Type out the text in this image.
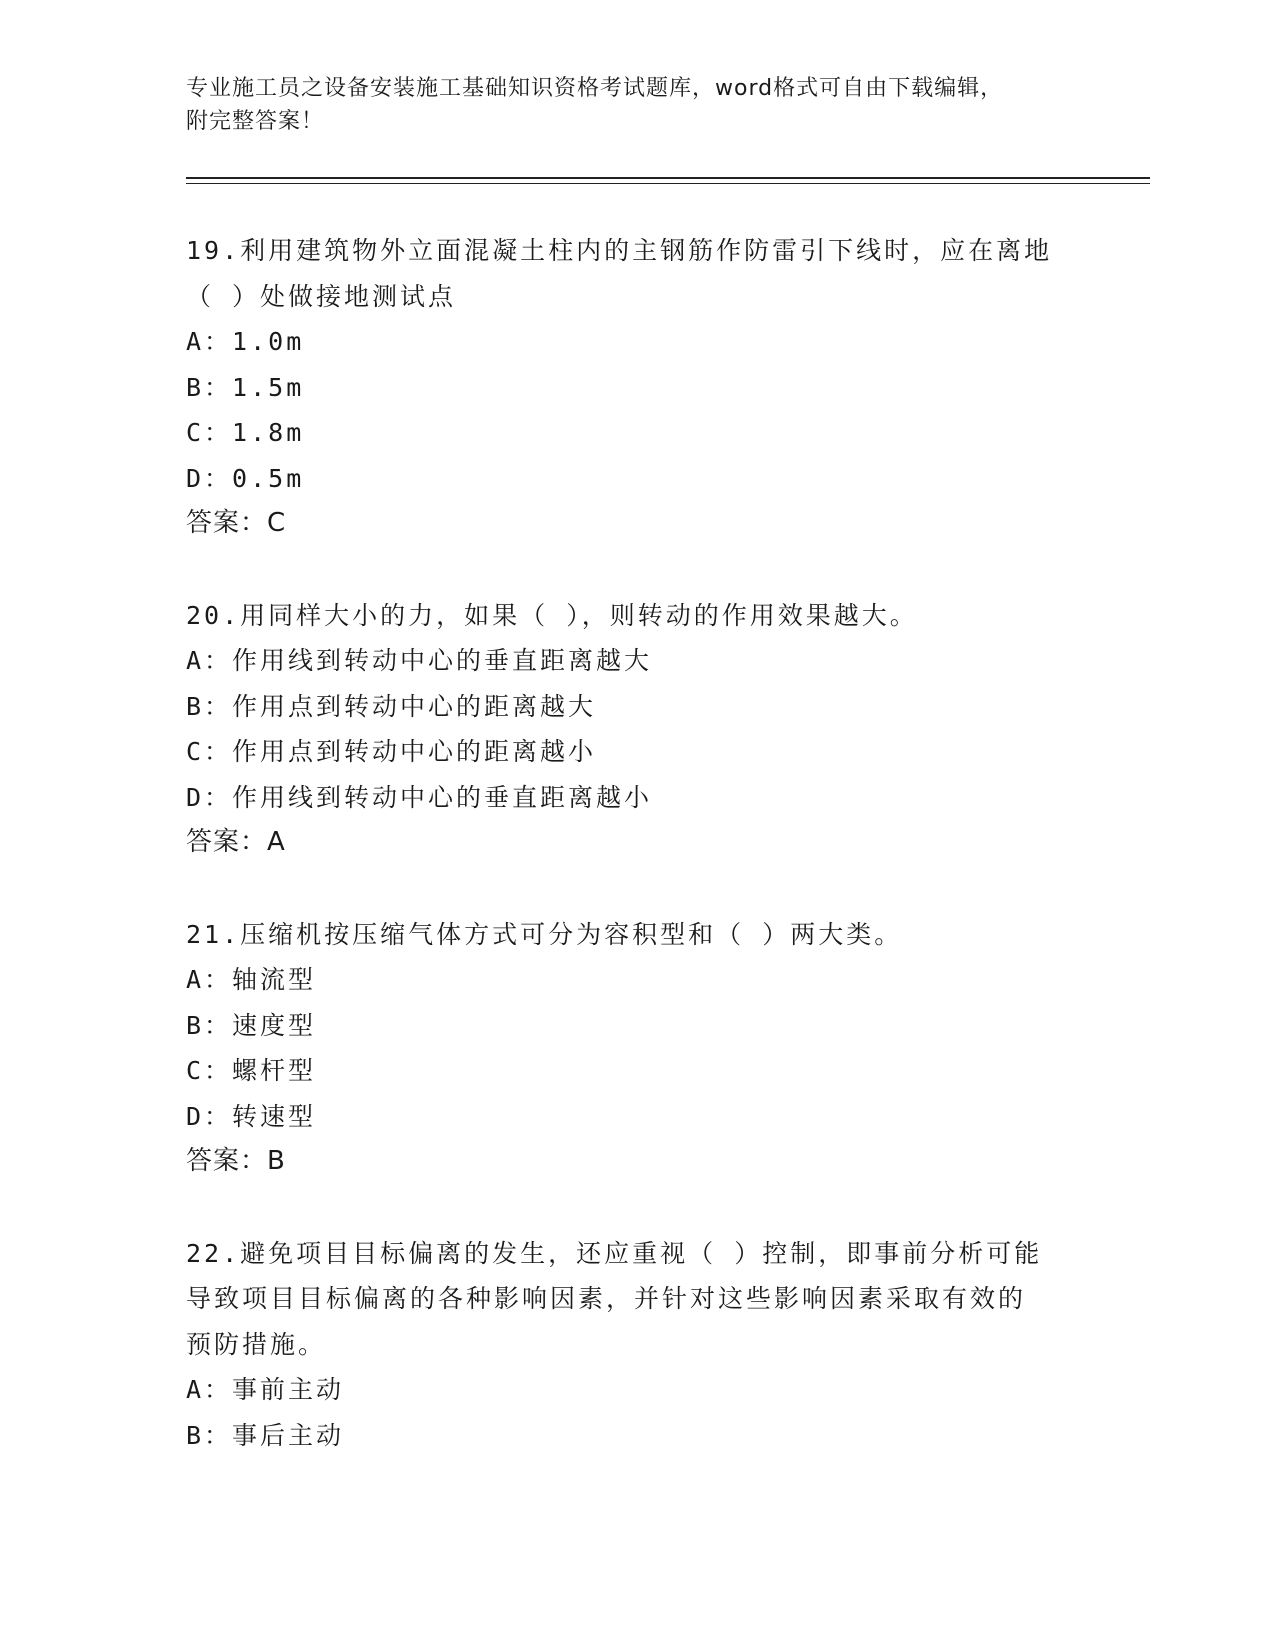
专业施工员之设备安装施工基础知识资格考试题库，word格式可自由下载编辑，
附完整答案！

19.利用建筑物外立面混凝土柱内的主钢筋作防雷引下线时，应在离地

（ ）处做接地测试点

A：1.0m

B：1.5m

C：1.8m

D：0.5m

答案：C

20.用同样大小的力，如果（ ），则转动的作用效果越大。

A：作用线到转动中心的垂直距离越大

B：作用点到转动中心的距离越大

C：作用点到转动中心的距离越小

D：作用线到转动中心的垂直距离越小

答案：A

21.压缩机按压缩气体方式可分为容积型和（ ）两大类。

A：轴流型

B：速度型

C：螺杆型

D：转速型

答案：B

22.避免项目目标偏离的发生，还应重视（ ）控制，即事前分析可能

导致项目目标偏离的各种影响因素，并针对这些影响因素采取有效的

预防措施。

A：事前主动

B：事后主动
